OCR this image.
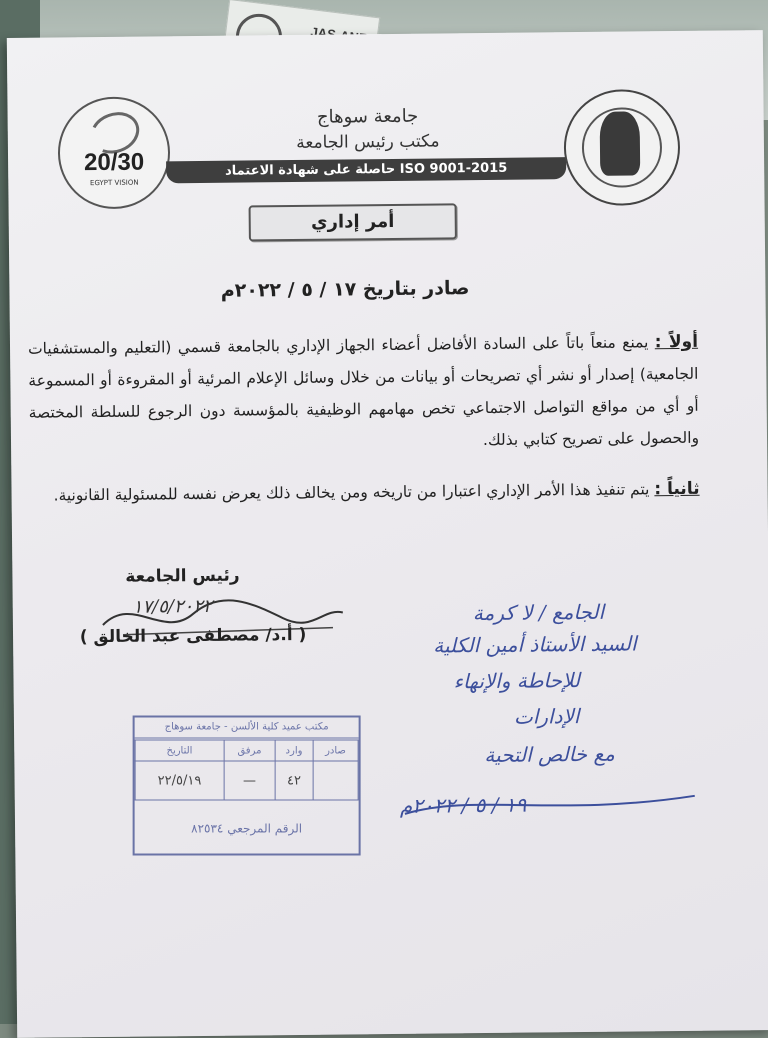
20/30
EGYPT VISION
جامعة سوهاج
مكتب رئيس الجامعة
حاصلة على شهادة الاعتماد ISO 9001-2015
أمر إداري
صادر بتاريخ ١٧ / ٥ / ٢٠٢٢م
أولاً : يمنع منعاً باتاً على السادة الأفاضل أعضاء الجهاز الإداري بالجامعة قسمي (التعليم والمستشفيات الجامعية) إصدار أو نشر أي تصريحات أو بيانات من خلال وسائل الإعلام المرئية أو المقروءة أو المسموعة أو أي من مواقع التواصل الاجتماعي تخص مهامهم الوظيفية بالمؤسسة دون الرجوع للسلطة المختصة والحصول على تصريح كتابي بذلك.
ثانياً : يتم تنفيذ هذا الأمر الإداري اعتبارا من تاريخه ومن يخالف ذلك يعرض نفسه للمسئولية القانونية.
رئيس الجامعة
١٧/٥/٢٠٢٢
( أ.د/ مصطفى عبد الخالق )
مكتب عميد كلية الألسن - جامعة سوهاج
صادر	وارد	مرفق	التاريخ
	٤٢	—	٢٢/٥/١٩
الرقم المرجعي ٨٢٥٣٤
الجامع / لا كرمة
السيد الأستاذ أمين الكلية
للإحاطة والإنهاء
الإدارات
مع خالص التحية
١٩ / ٥ / ٢٠٢٢م
